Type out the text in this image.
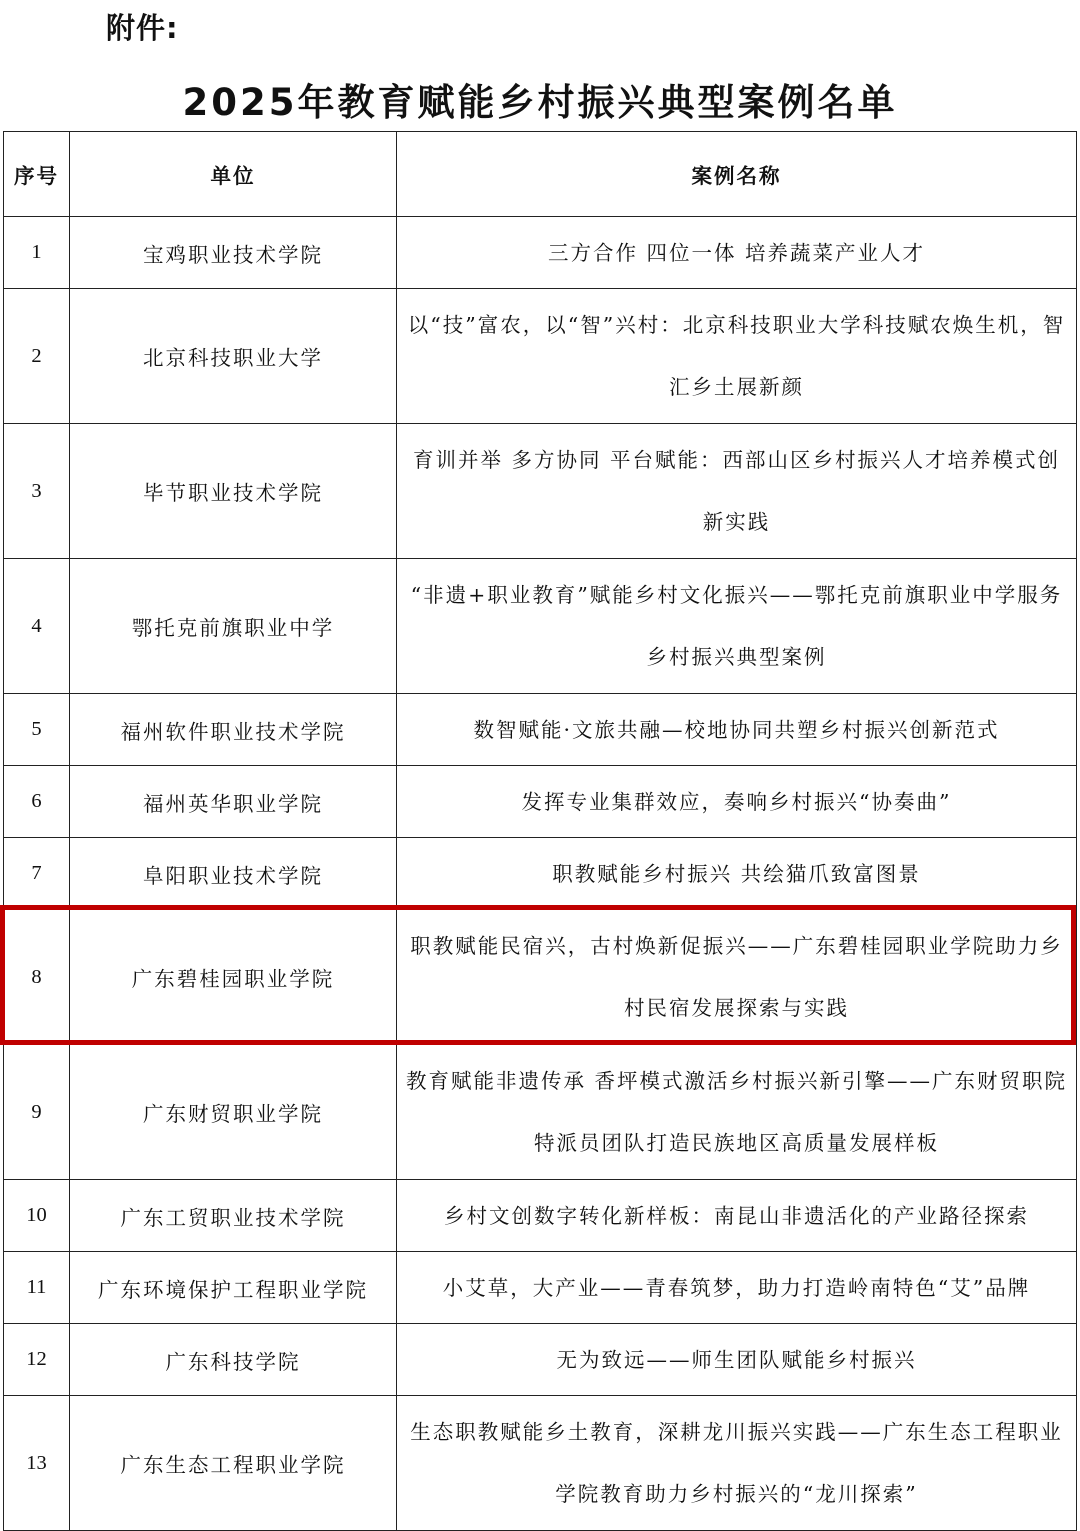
附件:
2025年教育赋能乡村振兴典型案例名单
序号	单位	案例名称
1	宝鸡职业技术学院	三方合作 四位一体 培养蔬菜产业人才
2	北京科技职业大学	以“技”富农，以“智”兴村：北京科技职业大学科技赋农焕生机，智汇乡土展新颜
3	毕节职业技术学院	育训并举 多方协同 平台赋能：西部山区乡村振兴人才培养模式创新实践
4	鄂托克前旗职业中学	“非遗+职业教育”赋能乡村文化振兴——鄂托克前旗职业中学服务乡村振兴典型案例
5	福州软件职业技术学院	数智赋能·文旅共融—校地协同共塑乡村振兴创新范式
6	福州英华职业学院	发挥专业集群效应，奏响乡村振兴“协奏曲”
7	阜阳职业技术学院	职教赋能乡村振兴 共绘猫爪致富图景
8	广东碧桂园职业学院	职教赋能民宿兴，古村焕新促振兴——广东碧桂园职业学院助力乡村民宿发展探索与实践
9	广东财贸职业学院	教育赋能非遗传承 香坪模式激活乡村振兴新引擎——广东财贸职院特派员团队打造民族地区高质量发展样板
10	广东工贸职业技术学院	乡村文创数字转化新样板：南昆山非遗活化的产业路径探索
11	广东环境保护工程职业学院	小艾草，大产业——青春筑梦，助力打造岭南特色“艾”品牌
12	广东科技学院	无为致远——师生团队赋能乡村振兴
13	广东生态工程职业学院	生态职教赋能乡土教育，深耕龙川振兴实践——广东生态工程职业学院教育助力乡村振兴的“龙川探索”
